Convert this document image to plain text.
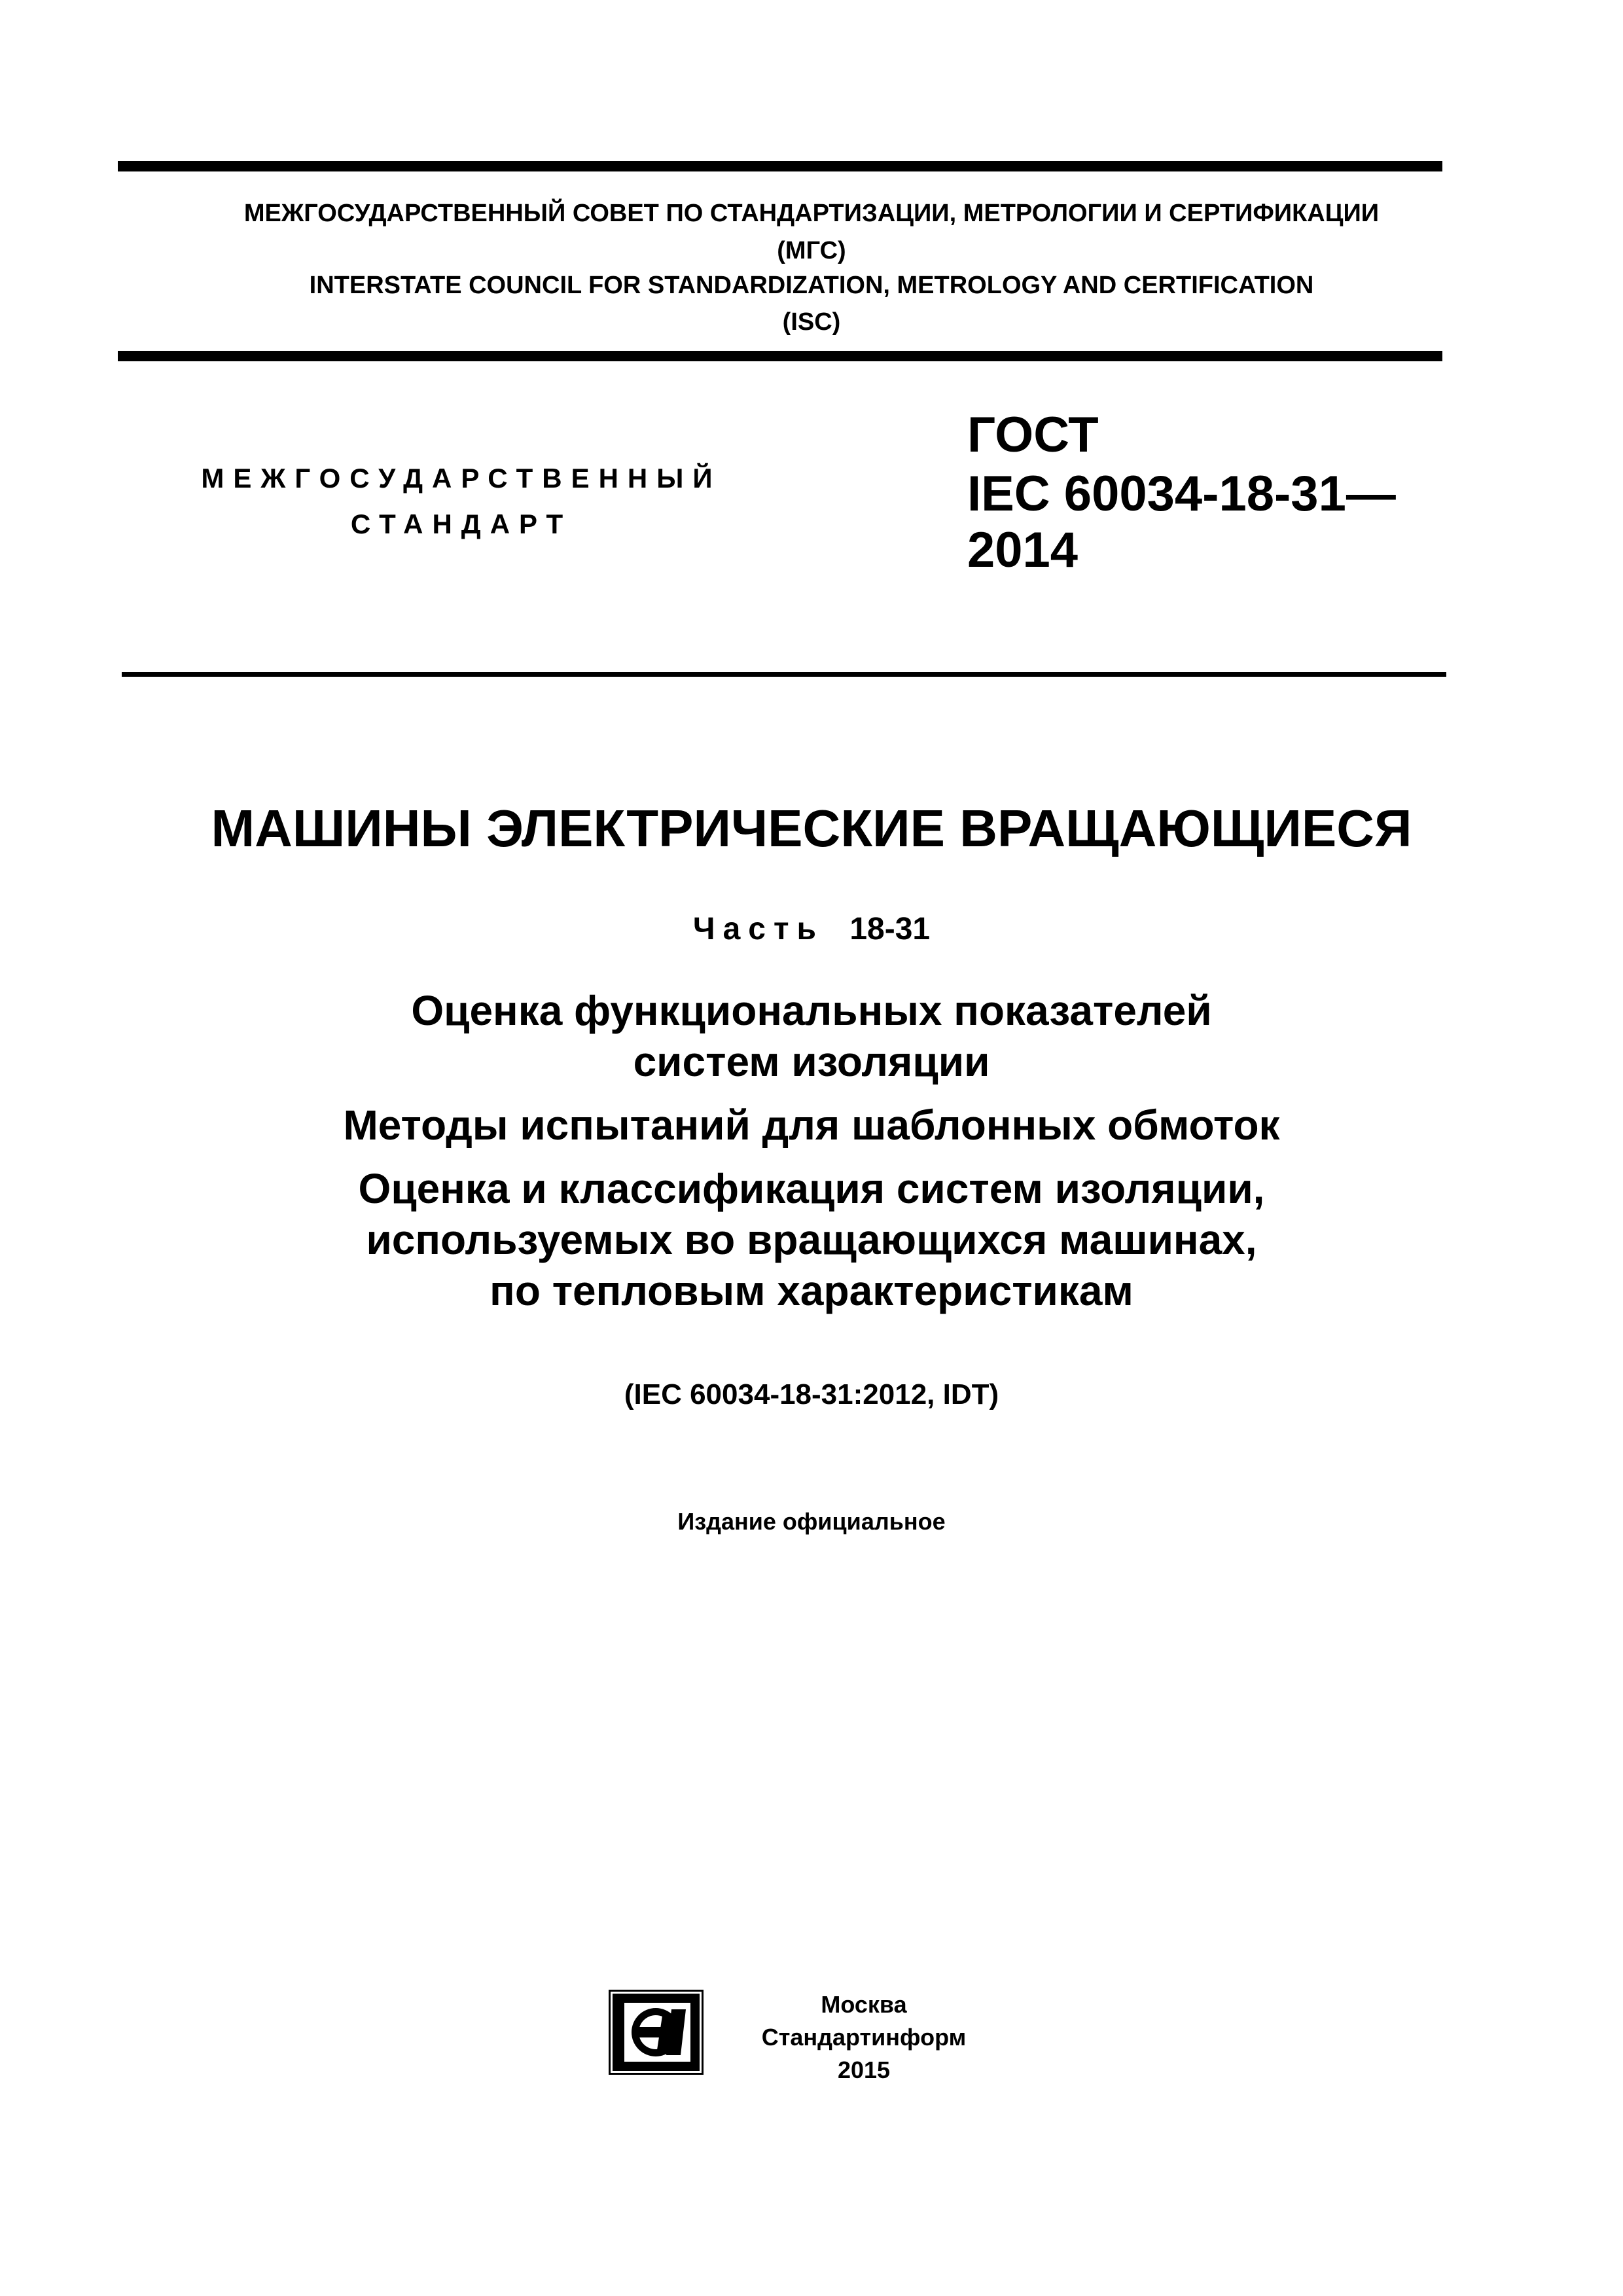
МЕЖГОСУДАРСТВЕННЫЙ СОВЕТ ПО СТАНДАРТИЗАЦИИ, МЕТРОЛОГИИ И СЕРТИФИКАЦИИ
(МГС)
INTERSTATE COUNCIL FOR STANDARDIZATION, METROLOGY AND CERTIFICATION
(ISC)
МЕЖГОСУДАРСТВЕННЫЙ
СТАНДАРТ
ГОСТ
IEC 60034-18-31—
2014
МАШИНЫ ЭЛЕКТРИЧЕСКИЕ ВРАЩАЮЩИЕСЯ
Часть 18-31
Оценка функциональных показателей
систем изоляции
Методы испытаний для шаблонных обмоток
Оценка и классификация систем изоляции,
используемых во вращающихся машинах,
по тепловым характеристикам
(IEC 60034-18-31:2012, IDT)
Издание официальное
Москва
Стандартинформ
2015
